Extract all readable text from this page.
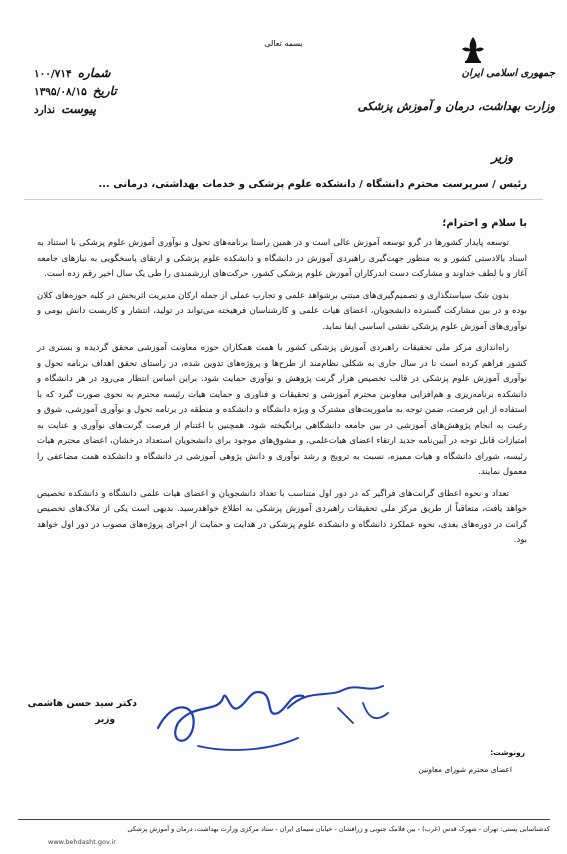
بسمه تعالی
جمهوری اسلامی ایران
وزارت بهداشت، درمان و آموزش پزشکی
شماره
۱۰۰/۷۱۴
تاریخ
۱۳۹۵/۰۸/۱۵
پیوست
ندارد
وزیر
رئیس / سرپرست محترم دانشگاه / دانشکده علوم پزشکی و خدمات بهداشتی، درمانی ...
با سلام و احترام؛

توسعه پایدار کشورها در گرو توسعه آموزش عالی است و در همین راستا برنامه‌های تحول و نوآوری آموزش علوم پزشکی با استناد به اسناد بالادستی کشور و به منظور جهت‌گیری راهبردی آموزش در دانشگاه و دانشکده علوم پزشکی و ارتقای پاسخگویی به نیازهای جامعه آغاز و با لطف خداوند و مشارکت دست اندرکاران آموزش علوم پزشکی کشور، حرکت‌های ارزشمندی را طی یک سال اخیر رقم زده است.

بدون شک سیاستگذاری و تصمیم‌گیری‌های مبتنی برشواهد علمی و تجارب عملی از جمله ارکان مدیریت اثربخش در کلیه حوزه‌های کلان بوده و در بین مشارکت گسترده دانشجویان، اعضای هیات علمی و کارشناسان فرهیخته می‌تواند در تولید، انتشار و کاربست دانش بومی و نوآوری‌های آموزش علوم پزشکی نقشی اساسی ایفا نماید.

راه‌اندازی مرکز ملی تحقیقات راهبردی آموزش پزشکی کشور با همت همکاران حوزه معاونت آموزشی محقق گردیده و بستری در کشور فراهم کرده است تا در سال جاری به شکلی نظام‌مند از طرح‌ها و پروژه‌های تدوین شده، در راستای تحقق اهداف برنامه تحول و نوآوری آموزش علوم پزشکی در قالب تخصیص هزار گرنت پژوهش و نوآوری حمایت شود. براین اساس انتظار می‌رود در هر دانشگاه و دانشکده برنامه‌ریزی و هم‌افزایی معاونین محترم آموزشی و تحقیقات و فناوری و حمایت هیات رئیسه محترم به نحوی صورت گیرد که با استفاده از این فرصت، ضمن توجه به ماموریت‌های مشترک و ویژه دانشگاه و دانشکده و منطقه در برنامه تحول و نوآوری آموزشی، شوق و رغبت به انجام پژوهش‌های آموزشی در بین جامعه دانشگاهی برانگیخته شود. همچنین با اغتنام از فرصت گرنت‌های نوآوری و عنایت به امتیازات قابل توجه در آیین‌نامه جدید ارتقاء اعضای هیات‌علمی، و مشوق‌های موجود برای دانشجویان استعداد درخشان، اعضای محترم هیات رئیسه، شورای دانشگاه و هیات ممیزه، نسبت به ترویج و رشد نوآوری و دانش پژوهی آموزشی در دانشگاه و دانشکده همت مضاعفی را معمول نمایند.

تعداد و نحوه اعطای گرانت‌های فراگیر که در دور اول متناسب با تعداد دانشجویان و اعضای هیات علمی دانشگاه و دانشکده تخصیص خواهد یافت، متعاقباً از طریق مرکز ملی تحقیقات راهبردی آموزش پزشکی به اطلاع خواهدرسید. بدیهی است یکی از ملاک‌های تخصیص گرانت در دوره‌های بعدی، نحوه عملکرد دانشگاه و دانشکده علوم پزشکی در هدایت و حمایت از اجرای پروژه‌های مصوب در دور اول خواهد بود.

دکتر سید حسن هاشمی
وزیر
رونوشت:
اعضای محترم شورای معاونین
کدشناسایی پستی: تهران - شهرک قدس (غرب) - بین فلامک جنوبی و زرافشان - خیابان سیمای ایران - ستاد مرکزی وزارت بهداشت، درمان و آموزش پزشکی
www.behdasht.gov.ir
